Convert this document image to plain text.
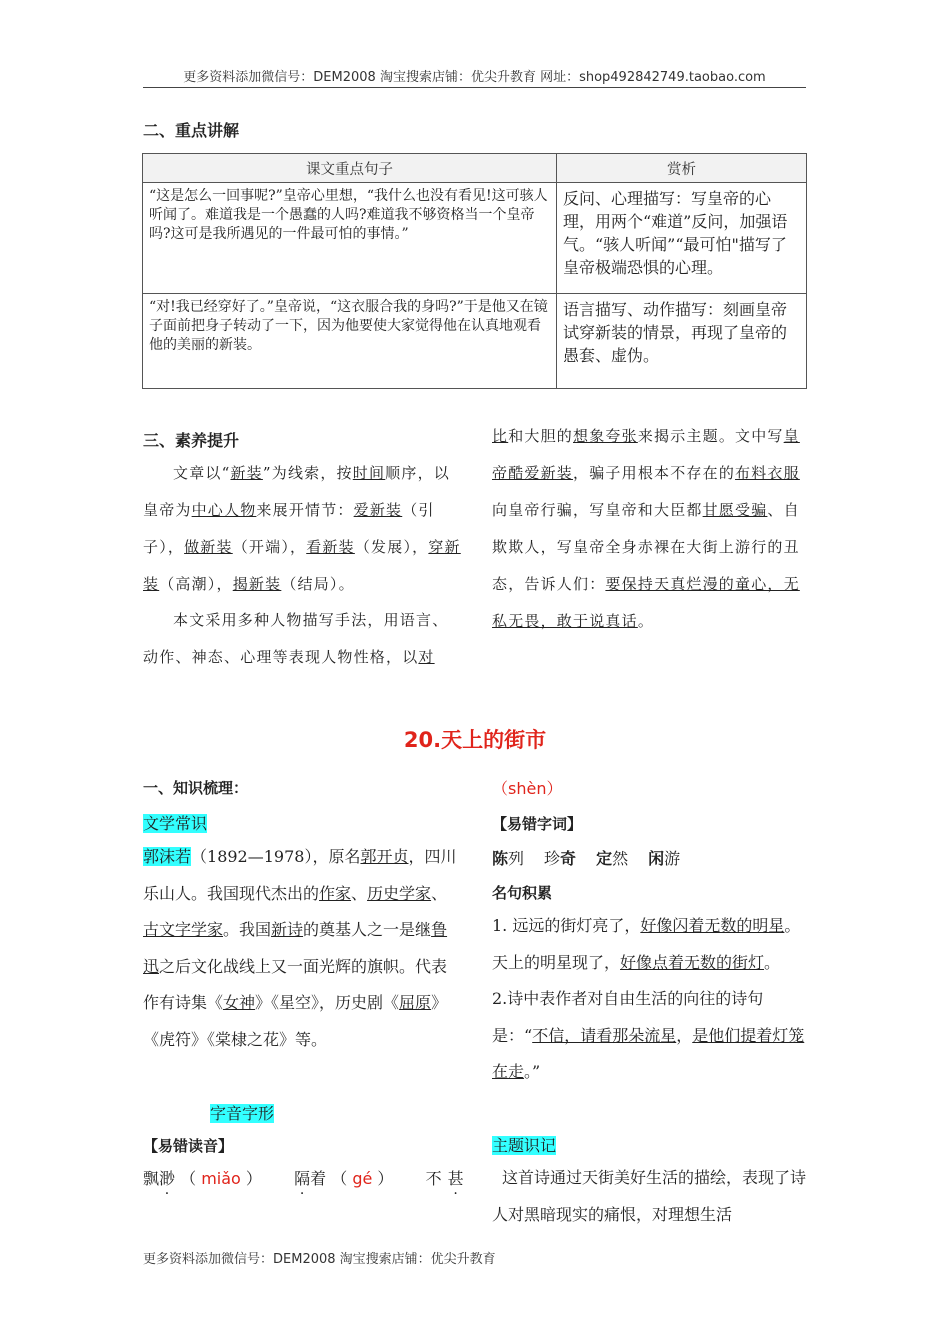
更多资料添加微信号：DEM2008 淘宝搜索店铺：优尖升教育 网址：shop492842749.taobao.com
二、重点讲解
课文重点句子	赏析
“这是怎么一回事呢?”皇帝心里想，“我什么也没有看见!这可骇人听闻了。难道我是一个愚蠢的人吗?难道我不够资格当一个皇帝吗?这可是我所遇见的一件最可怕的事情。”	反问、心理描写：写皇帝的心理，用两个“难道”反问，加强语气。“骇人听闻”“最可怕"描写了皇帝极端恐惧的心理。
“对!我已经穿好了。”皇帝说，“这衣服合我的身吗?”于是他又在镜子面前把身子转动了一下，因为他要使大家觉得他在认真地观看他的美丽的新装。	语言描写、动作描写：刻画皇帝试穿新装的情景，再现了皇帝的愚套、虚伪。
三、素养提升
文章以“新装”为线索，按时间顺序，以皇帝为中心人物来展开情节：爱新装（引子），做新装（开端），看新装（发展），穿新装（高潮），揭新装（结局）。
本文采用多种人物描写手法，用语言、动作、神态、心理等表现人物性格，以对
比和大胆的想象夸张来揭示主题。文中写皇帝酷爱新装，骗子用根本不存在的布料衣服向皇帝行骗，写皇帝和大臣都甘愿受骗、自欺欺人，写皇帝全身赤裸在大街上游行的丑态，告诉人们：要保持天真烂漫的童心，无私无畏，敢于说真话。
20.天上的街市
一、知识梳理：
文学常识
郭沫若（1892—1978），原名郭开贞，四川乐山人。我国现代杰出的作家、历史学家、古文字学家。我国新诗的奠基人之一是继鲁迅之后文化战线上又一面光辉的旗帜。代表作有诗集《女神》《星空》，历史剧《屈原》《虎符》《棠棣之花》等。
字音字形
【易错读音】
飘渺 （ miǎo ） 隔着 （ gé ） 不 甚
（shèn）
【易错字词】
陈列 珍奇 定然 闲游
名句积累
1. 远远的街灯亮了，好像闪着无数的明星。天上的明星现了，好像点着无数的街灯。
2.诗中表作者对自由生活的向往的诗句是：“不信，请看那朵流星，是他们提着灯笼在走。”
主题识记
这首诗通过天街美好生活的描绘，表现了诗人对黑暗现实的痛恨，对理想生活
更多资料添加微信号：DEM2008 淘宝搜索店铺：优尖升教育
